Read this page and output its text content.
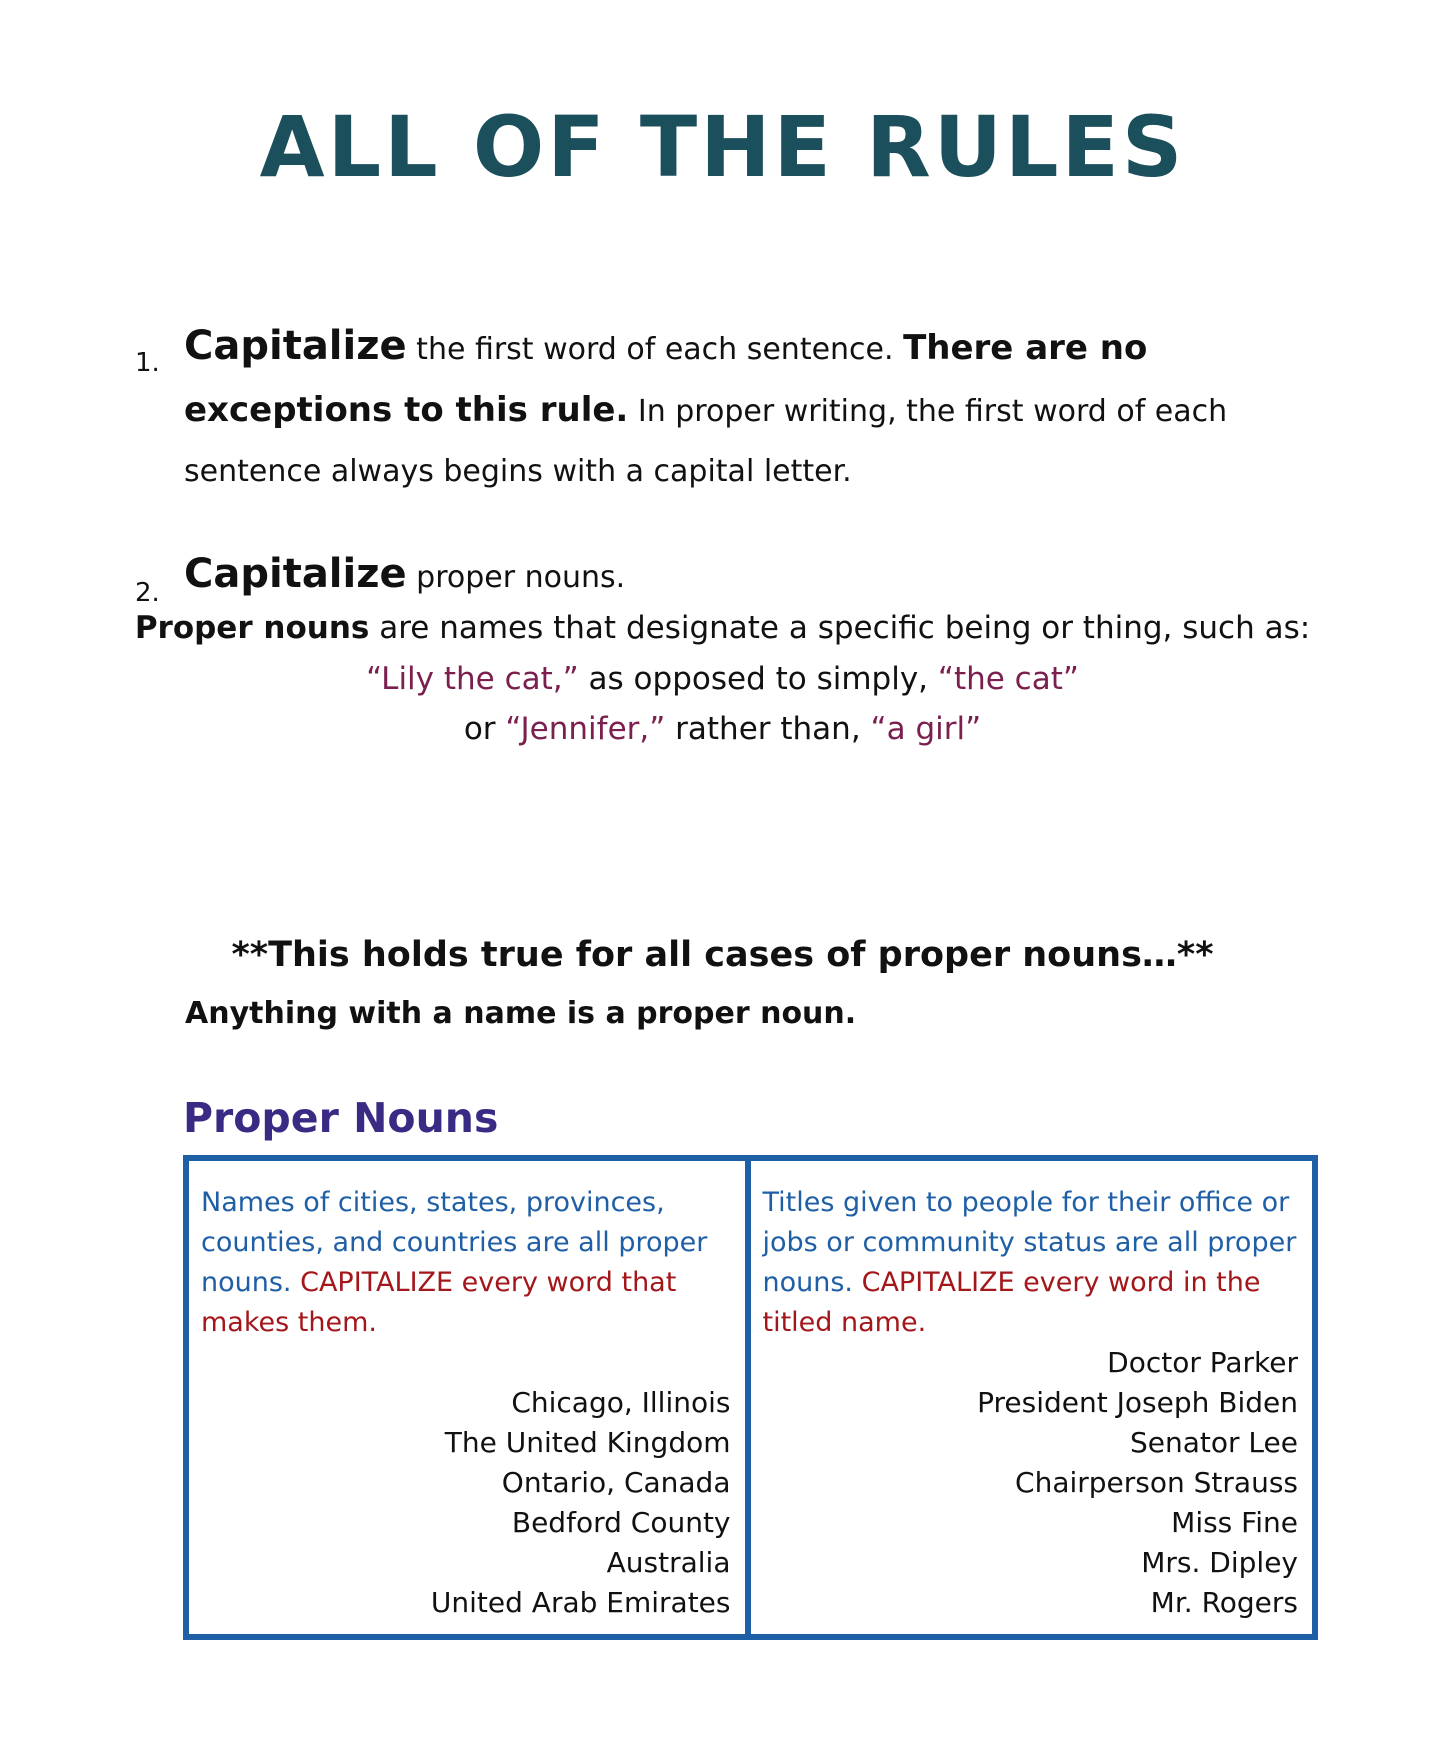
ALL OF THE RULES
1. Capitalize the first word of each sentence. There are no exceptions to this rule. In proper writing, the first word of each sentence always begins with a capital letter.
2. Capitalize proper nouns.
Proper nouns are names that designate a specific being or thing, such as:
“Lily the cat,” as opposed to simply, “the cat”
or “Jennifer,” rather than, “a girl”
**This holds true for all cases of proper nouns…**
Anything with a name is a proper noun.
Proper Nouns
Names of cities, states, provinces, counties, and countries are all proper nouns. CAPITALIZE every word that makes them.
Chicago, Illinois
The United Kingdom
Ontario, Canada
Bedford County
Australia
United Arab Emirates
Titles given to people for their office or jobs or community status are all proper nouns. CAPITALIZE every word in the titled name.
Doctor Parker
President Joseph Biden
Senator Lee
Chairperson Strauss
Miss Fine
Mrs. Dipley
Mr. Rogers
